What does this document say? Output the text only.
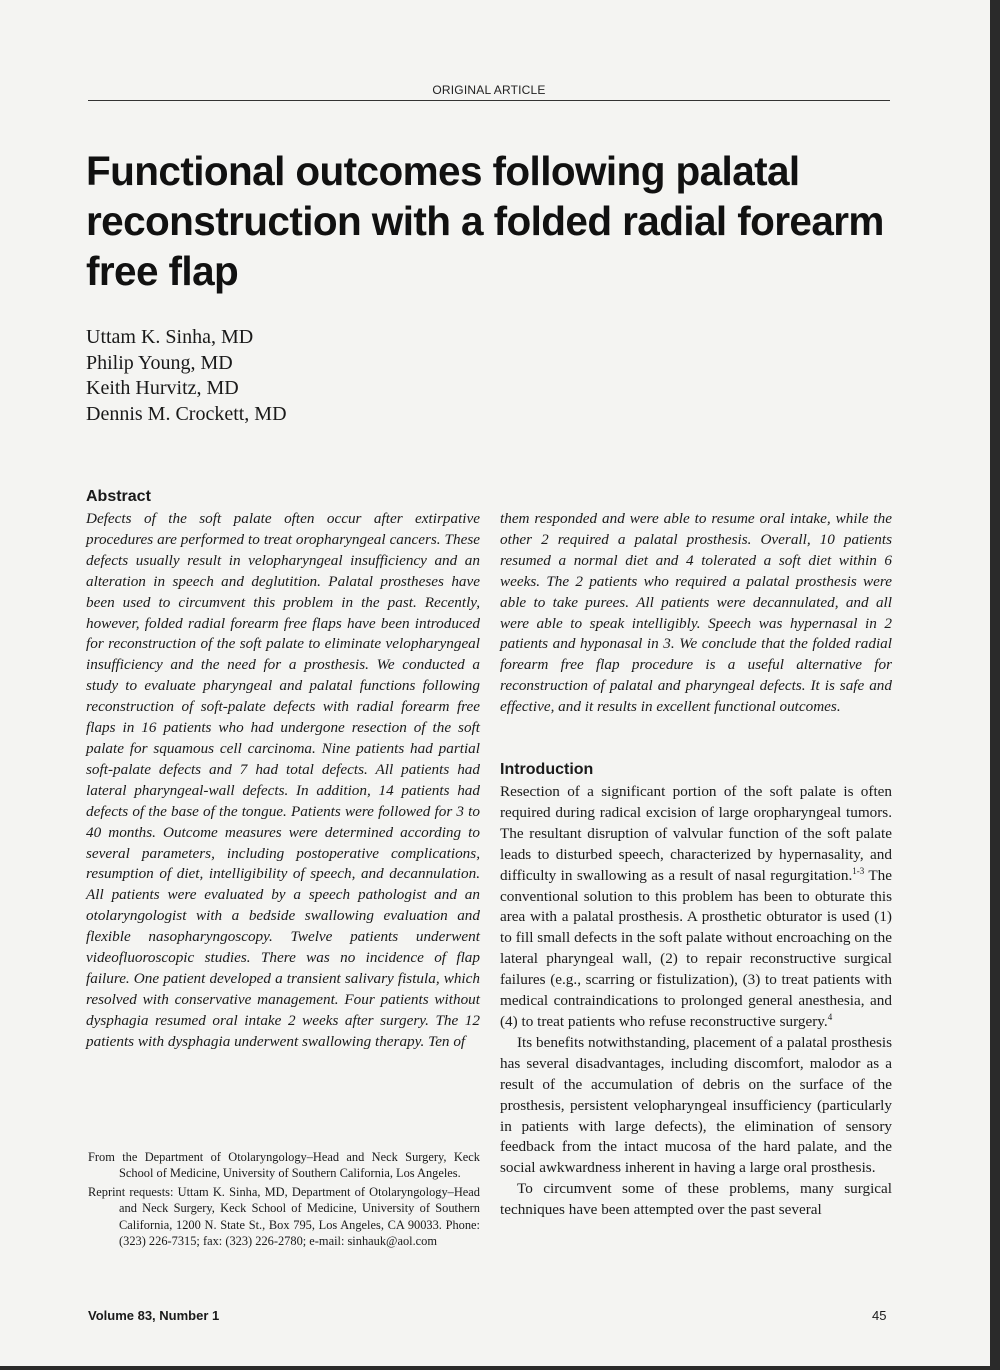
ORIGINAL ARTICLE
Functional outcomes following palatal reconstruction with a folded radial forearm free flap
Uttam K. Sinha, MD
Philip Young, MD
Keith Hurvitz, MD
Dennis M. Crockett, MD
Abstract
Defects of the soft palate often occur after extirpative procedures are performed to treat oropharyngeal cancers. These defects usually result in velopharyngeal insufficiency and an alteration in speech and deglutition. Palatal prostheses have been used to circumvent this problem in the past. Recently, however, folded radial forearm free flaps have been introduced for reconstruction of the soft palate to eliminate velopharyngeal insufficiency and the need for a prosthesis. We conducted a study to evaluate pharyngeal and palatal functions following reconstruction of soft-palate defects with radial forearm free flaps in 16 patients who had undergone resection of the soft palate for squamous cell carcinoma. Nine patients had partial soft-palate defects and 7 had total defects. All patients had lateral pharyngeal-wall defects. In addition, 14 patients had defects of the base of the tongue. Patients were followed for 3 to 40 months. Outcome measures were determined according to several parameters, including postoperative complications, resumption of diet, intelligibility of speech, and decannulation. All patients were evaluated by a speech pathologist and an otolaryngologist with a bedside swallowing evaluation and flexible nasopharyngoscopy. Twelve patients underwent videofluoroscopic studies. There was no incidence of flap failure. One patient developed a transient salivary fistula, which resolved with conservative management. Four patients without dysphagia resumed oral intake 2 weeks after surgery. The 12 patients with dysphagia underwent swallowing therapy. Ten of
them responded and were able to resume oral intake, while the other 2 required a palatal prosthesis. Overall, 10 patients resumed a normal diet and 4 tolerated a soft diet within 6 weeks. The 2 patients who required a palatal prosthesis were able to take purees. All patients were decannulated, and all were able to speak intelligibly. Speech was hypernasal in 2 patients and hyponasal in 3. We conclude that the folded radial forearm free flap procedure is a useful alternative for reconstruction of palatal and pharyngeal defects. It is safe and effective, and it results in excellent functional outcomes.
Introduction

Resection of a significant portion of the soft palate is often required during radical excision of large oropharyngeal tumors. The resultant disruption of valvular function of the soft palate leads to disturbed speech, characterized by hypernasality, and difficulty in swallowing as a result of nasal regurgitation.$^{1-3}$ The conventional solution to this problem has been to obturate this area with a palatal prosthesis. A prosthetic obturator is used (1) to fill small defects in the soft palate without encroaching on the lateral pharyngeal wall, (2) to repair reconstructive surgical failures (e.g., scarring or fistulization), (3) to treat patients with medical contraindications to prolonged general anesthesia, and (4) to treat patients who refuse reconstructive surgery.$^4$

Its benefits notwithstanding, placement of a palatal prosthesis has several disadvantages, including discomfort, malodor as a result of the accumulation of debris on the surface of the prosthesis, persistent velopharyngeal insufficiency (particularly in patients with large defects), the elimination of sensory feedback from the intact mucosa of the hard palate, and the social awkwardness inherent in having a large oral prosthesis.

To circumvent some of these problems, many surgical techniques have been attempted over the past several

From the Department of Otolaryngology–Head and Neck Surgery, Keck School of Medicine, University of Southern California, Los Angeles.

Reprint requests: Uttam K. Sinha, MD, Department of Otolaryngology–Head and Neck Surgery, Keck School of Medicine, University of Southern California, 1200 N. State St., Box 795, Los Angeles, CA 90033. Phone: (323) 226-7315; fax: (323) 226-2780; e-mail: sinhauk@aol.com

Volume 83, Number 1	45
